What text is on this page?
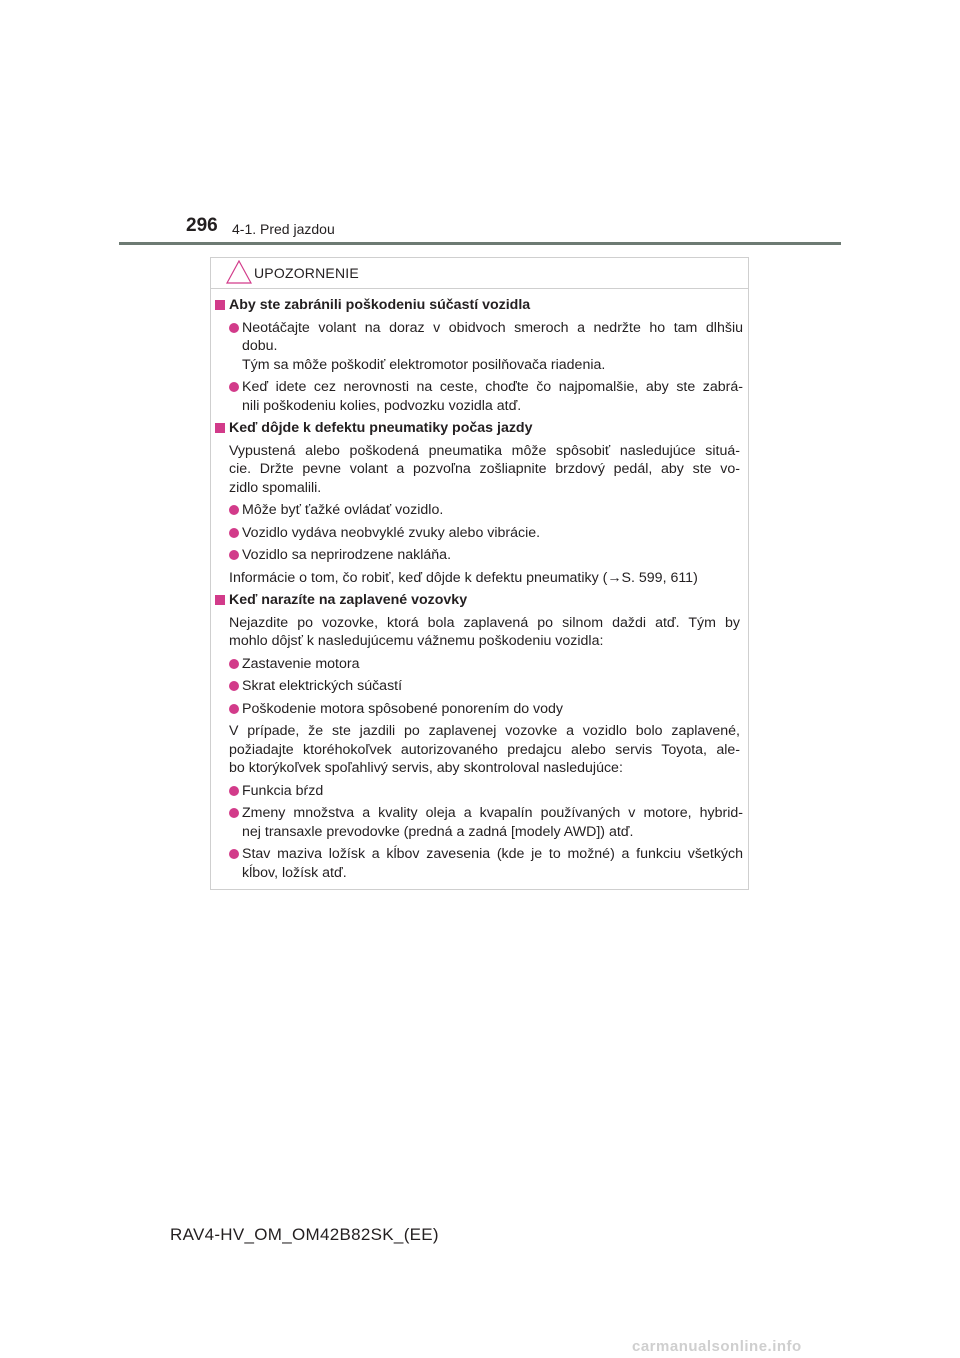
296 4-1. Pred jazdou
UPOZORNENIE
Aby ste zabránili poškodeniu súčastí vozidla
Neotáčajte volant na doraz v obidvoch smeroch a nedržte ho tam dlhšiu
dobu.
Tým sa môže poškodiť elektromotor posilňovača riadenia.
Keď idete cez nerovnosti na ceste, choďte čo najpomalšie, aby ste zabrá-
nili poškodeniu kolies, podvozku vozidla atď.
Keď dôjde k defektu pneumatiky počas jazdy
Vypustená alebo poškodená pneumatika môže spôsobiť nasledujúce situá-
cie. Držte pevne volant a pozvoľna zošliapnite brzdový pedál, aby ste vo-
zidlo spomalili.
Môže byť ťažké ovládať vozidlo.
Vozidlo vydáva neobvyklé zvuky alebo vibrácie.
Vozidlo sa neprirodzene nakláňa.
Informácie o tom, čo robiť, keď dôjde k defektu pneumatiky (→S. 599, 611)
Keď narazíte na zaplavené vozovky
Nejazdite po vozovke, ktorá bola zaplavená po silnom daždi atď. Tým by
mohlo dôjsť k nasledujúcemu vážnemu poškodeniu vozidla:
Zastavenie motora
Skrat elektrických súčastí
Poškodenie motora spôsobené ponorením do vody
V prípade, že ste jazdili po zaplavenej vozovke a vozidlo bolo zaplavené,
požiadajte ktoréhokoľvek autorizovaného predajcu alebo servis Toyota, ale-
bo ktorýkoľvek spoľahlivý servis, aby skontroloval nasledujúce:
Funkcia bŕzd
Zmeny množstva a kvality oleja a kvapalín používaných v motore, hybrid-
nej transaxle prevodovke (predná a zadná [modely AWD]) atď.
Stav maziva ložísk a kĺbov zavesenia (kde je to možné) a funkciu všetkých
kĺbov, ložísk atď.
RAV4-HV_OM_OM42B82SK_(EE)
carmanualsonline.info
